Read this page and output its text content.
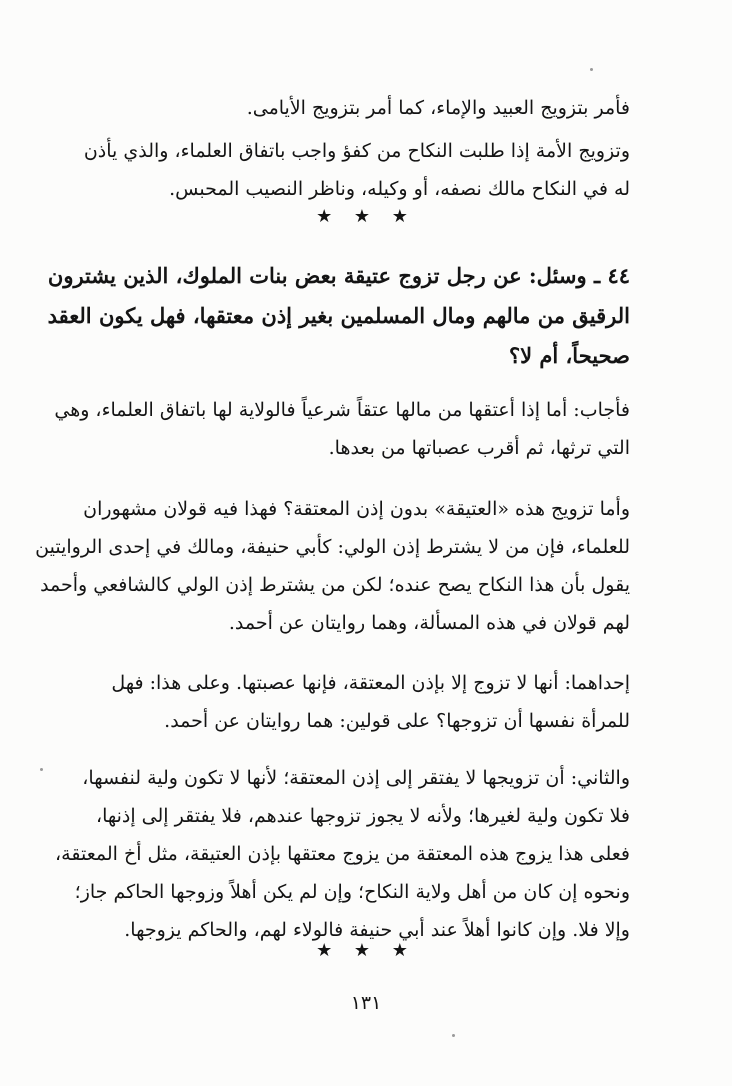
فأمر بتزويج العبيد والإماء، كما أمر بتزويج الأيامى.
وتزويج الأمة إذا طلبت النكاح من كفؤ واجب باتفاق العلماء، والذي يأذن
له في النكاح مالك نصفه، أو وكيله، وناظر النصيب المحبس.
★ ★ ★
٤٤ ـ وسئل: عن رجل تزوج عتيقة بعض بنات الملوك، الذين يشترون
الرقيق من مالهم ومال المسلمين بغير إذن معتقها، فهل يكون العقد
صحيحاً، أم لا؟
فأجاب: أما إذا أعتقها من مالها عتقاً شرعياً فالولاية لها باتفاق العلماء، وهي
التي ترثها، ثم أقرب عصباتها من بعدها.
وأما تزويج هذه «العتيقة» بدون إذن المعتقة؟ فهذا فيه قولان مشهوران
للعلماء، فإن من لا يشترط إذن الولي: كأبي حنيفة، ومالك في إحدى الروايتين
يقول بأن هذا النكاح يصح عنده؛ لكن من يشترط إذن الولي كالشافعي وأحمد
لهم قولان في هذه المسألة، وهما روايتان عن أحمد.
إحداهما: أنها لا تزوج إلا بإذن المعتقة، فإنها عصبتها. وعلى هذا: فهل
للمرأة نفسها أن تزوجها؟ على قولين: هما روايتان عن أحمد.
والثاني: أن تزويجها لا يفتقر إلى إذن المعتقة؛ لأنها لا تكون ولية لنفسها،
فلا تكون ولية لغيرها؛ ولأنه لا يجوز تزوجها عندهم، فلا يفتقر إلى إذنها،
فعلى هذا يزوج هذه المعتقة من يزوج معتقها بإذن العتيقة، مثل أخ المعتقة،
ونحوه إن كان من أهل ولاية النكاح؛ وإن لم يكن أهلاً وزوجها الحاكم جاز؛
وإلا فلا. وإن كانوا أهلاً عند أبي حنيفة فالولاء لهم، والحاكم يزوجها.
★ ★ ★
١٣١
